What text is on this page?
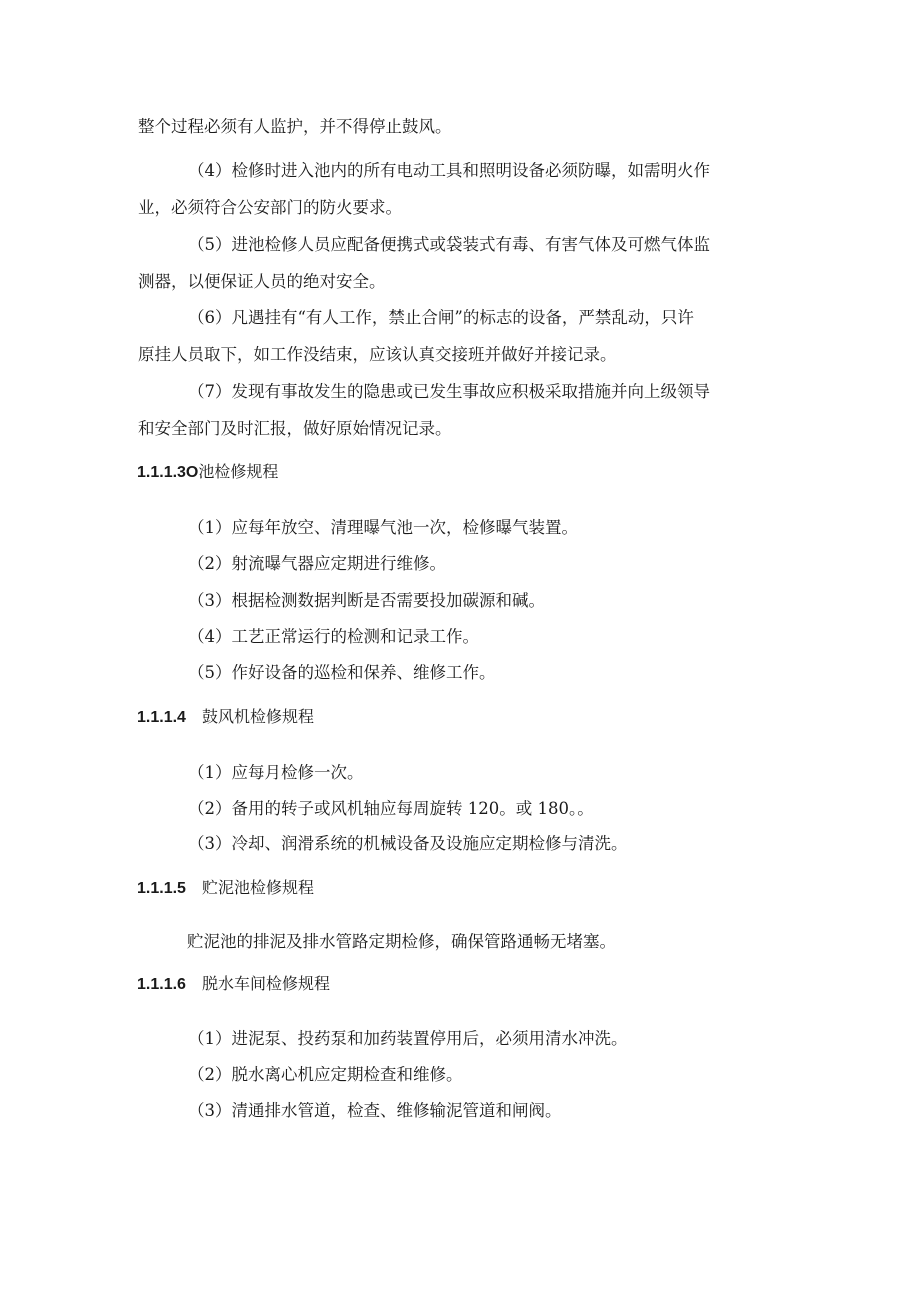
整个过程必须有人监护，并不得停止鼓风。

（4）检修时进入池内的所有电动工具和照明设备必须防曝，如需明火作

业，必须符合公安部门的防火要求。

（5）进池检修人员应配备便携式或袋装式有毒、有害气体及可燃气体监

测器，以便保证人员的绝对安全。

（6）凡遇挂有“有人工作，禁止合闸”的标志的设备，严禁乱动，只许

原挂人员取下，如工作没结束，应该认真交接班并做好并接记录。

（7）发现有事故发生的隐患或已发生事故应积极采取措施并向上级领导

和安全部门及时汇报，做好原始情况记录。

1.1.1.3O池检修规程

（1）应每年放空、清理曝气池一次，检修曝气装置。

（2）射流曝气器应定期进行维修。

（3）根据检测数据判断是否需要投加碳源和碱。

（4）工艺正常运行的检测和记录工作。

（5）作好设备的巡检和保养、维修工作。

1.1.1.4 鼓风机检修规程

（1）应每月检修一次。

（2）备用的转子或风机轴应每周旋转 120。或 180。。

（3）冷却、润滑系统的机械设备及设施应定期检修与清洗。

1.1.1.5 贮泥池检修规程

贮泥池的排泥及排水管路定期检修，确保管路通畅无堵塞。

1.1.1.6 脱水车间检修规程

（1）进泥泵、投药泵和加药装置停用后，必须用清水冲洗。

（2）脱水离心机应定期检查和维修。

（3）清通排水管道，检查、维修输泥管道和闸阀。
